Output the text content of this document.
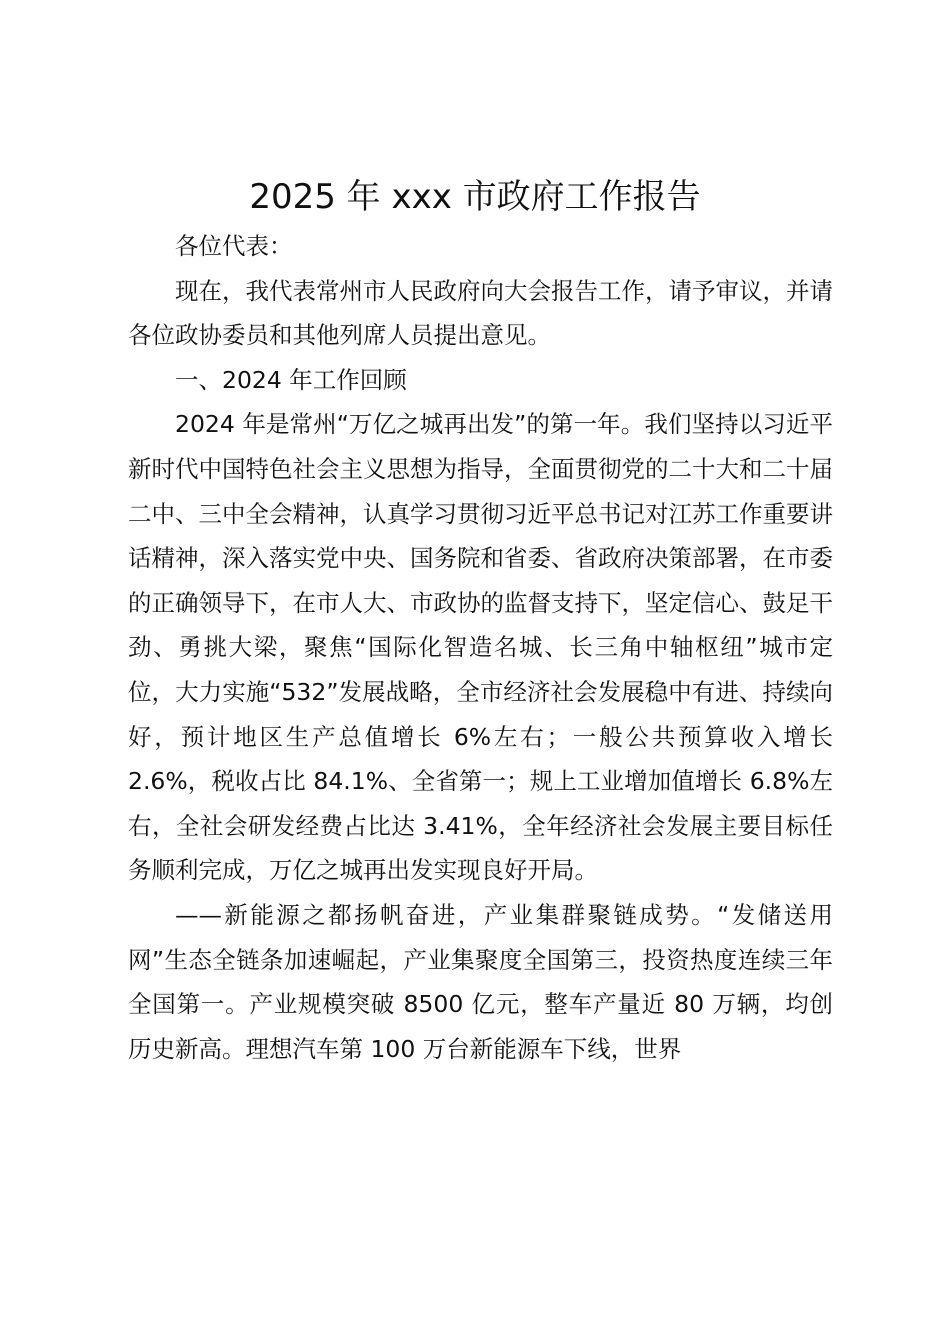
2025 年 xxx 市政府工作报告

各位代表：

现在，我代表常州市人民政府向大会报告工作，请予审议，并请各位政协委员和其他列席人员提出意见。

一、2024 年工作回顾

2024 年是常州“万亿之城再出发”的第一年。我们坚持以习近平新时代中国特色社会主义思想为指导，全面贯彻党的二十大和二十届二中、三中全会精神，认真学习贯彻习近平总书记对江苏工作重要讲话精神，深入落实党中央、国务院和省委、省政府决策部署，在市委的正确领导下，在市人大、市政协的监督支持下，坚定信心、鼓足干劲、勇挑大梁，聚焦“国际化智造名城、长三角中轴枢纽”城市定位，大力实施“532”发展战略，全市经济社会发展稳中有进、持续向好，预计地区生产总值增长 6%左右；一般公共预算收入增长 2.6%，税收占比 84.1%、全省第一；规上工业增加值增长 6.8%左右，全社会研发经费占比达 3.41%，全年经济社会发展主要目标任务顺利完成，万亿之城再出发实现良好开局。

——新能源之都扬帆奋进，产业集群聚链成势。“发储送用网”生态全链条加速崛起，产业集聚度全国第三，投资热度连续三年全国第一。产业规模突破 8500 亿元，整车产量近 80 万辆，均创历史新高。理想汽车第 100 万台新能源车下线，世界
